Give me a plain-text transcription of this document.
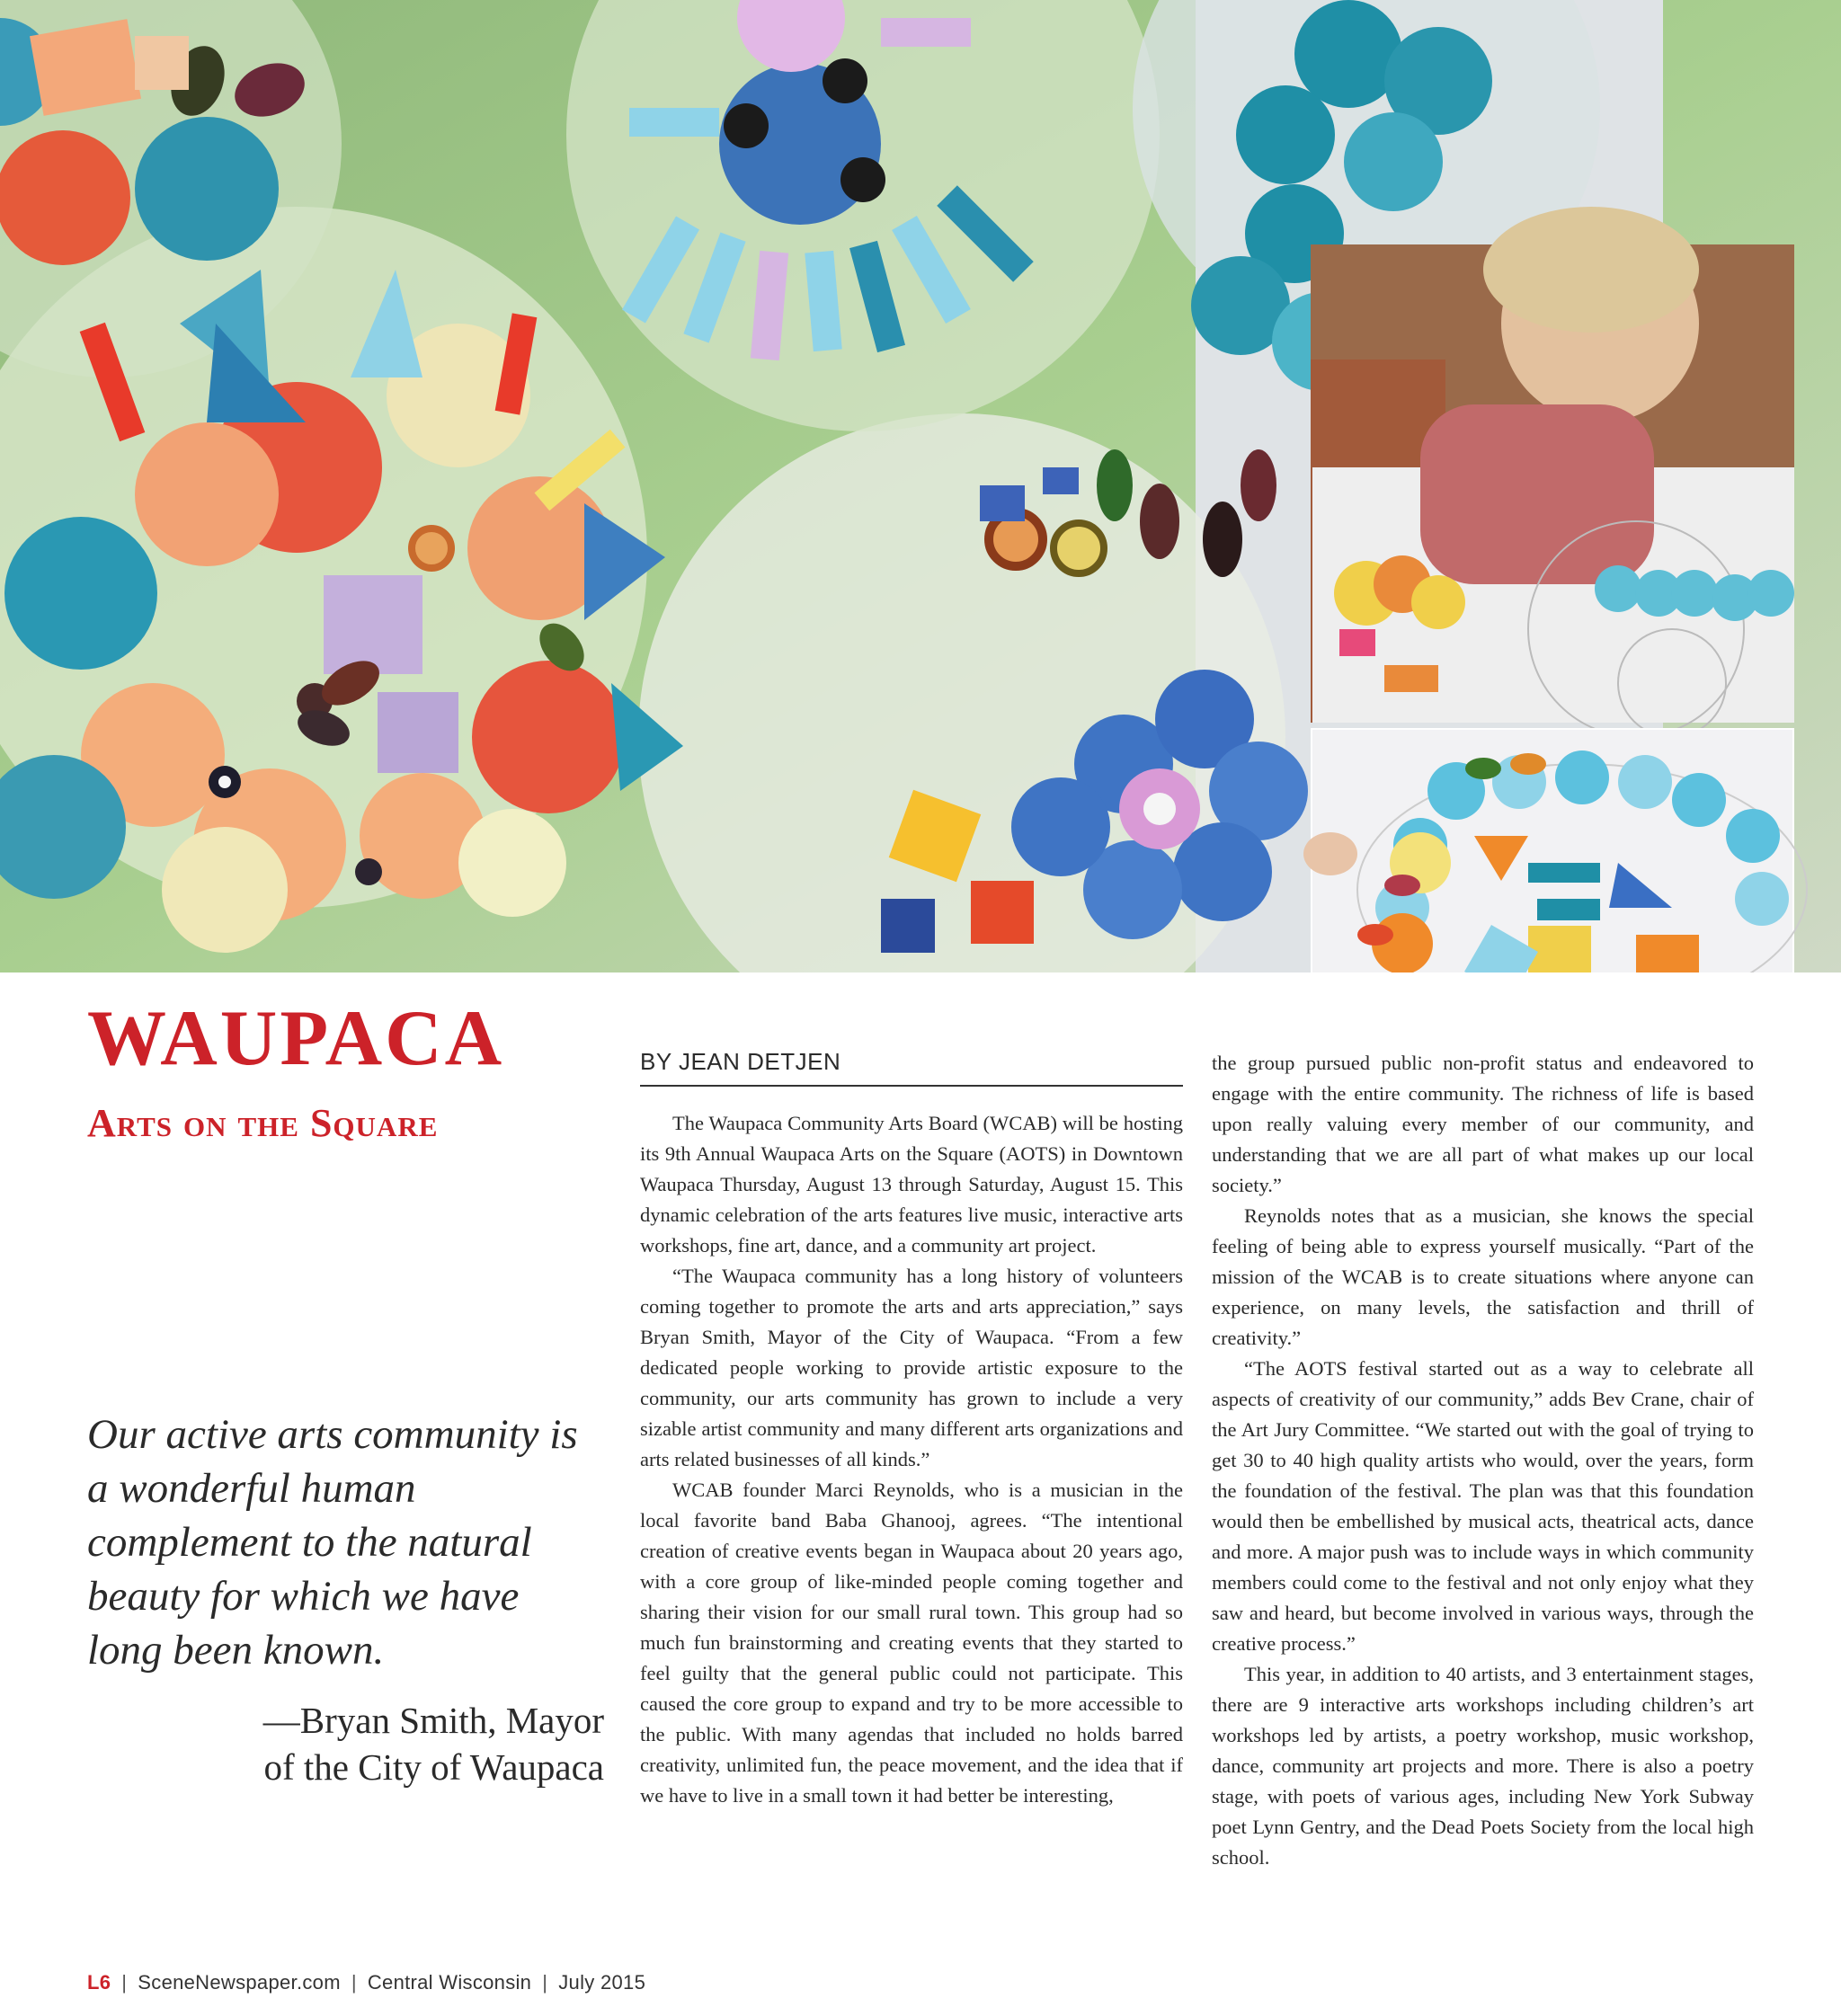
WAUPACA
Arts on the Square
Our active arts community is a wonderful human complement to the natural beauty for which we have long been known.
—Bryan Smith, Mayor
of the City of Waupaca
BY JEAN DETJEN

The Waupaca Community Arts Board (WCAB) will be hosting its 9th Annual Waupaca Arts on the Square (AOTS) in Downtown Waupaca Thursday, August 13 through Saturday, August 15. This dynamic celebration of the arts features live music, interactive arts workshops, fine art, dance, and a community art project.

“The Waupaca community has a long history of volunteers coming together to promote the arts and arts appreciation,” says Bryan Smith, Mayor of the City of Waupaca. “From a few dedicated people working to provide artistic exposure to the community, our arts community has grown to include a very sizable artist community and many different arts organizations and arts related businesses of all kinds.”

WCAB founder Marci Reynolds, who is a musician in the local favorite band Baba Ghanooj, agrees. “The intentional creation of creative events began in Waupaca about 20 years ago, with a core group of like-minded people coming together and sharing their vision for our small rural town. This group had so much fun brainstorming and creating events that they started to feel guilty that the general public could not participate. This caused the core group to expand and try to be more accessible to the public. With many agendas that included no holds barred creativity, unlimited fun, the peace movement, and the idea that if we have to live in a small town it had better be interesting,

the group pursued public non-profit status and endeavored to engage with the entire community. The richness of life is based upon really valuing every member of our community, and understanding that we are all part of what makes up our local society.”

Reynolds notes that as a musician, she knows the special feeling of being able to express yourself musically. “Part of the mission of the WCAB is to create situations where anyone can experience, on many levels, the satisfaction and thrill of creativity.”

“The AOTS festival started out as a way to celebrate all aspects of creativity of our community,” adds Bev Crane, chair of the Art Jury Committee. “We started out with the goal of trying to get 30 to 40 high quality artists who would, over the years, form the foundation of the festival. The plan was that this foundation would then be embellished by musical acts, theatrical acts, dance and more. A major push was to include ways in which community members could come to the festival and not only enjoy what they saw and heard, but become involved in various ways, through the creative process.”

This year, in addition to 40 artists, and 3 entertainment stages, there are 9 interactive arts workshops including children’s art workshops led by artists, a poetry workshop, music workshop, dance, community art projects and more. There is also a poetry stage, with poets of various ages, including New York Subway poet Lynn Gentry, and the Dead Poets Society from the local high school.

L6 | SceneNewspaper.com | Central Wisconsin | July 2015
